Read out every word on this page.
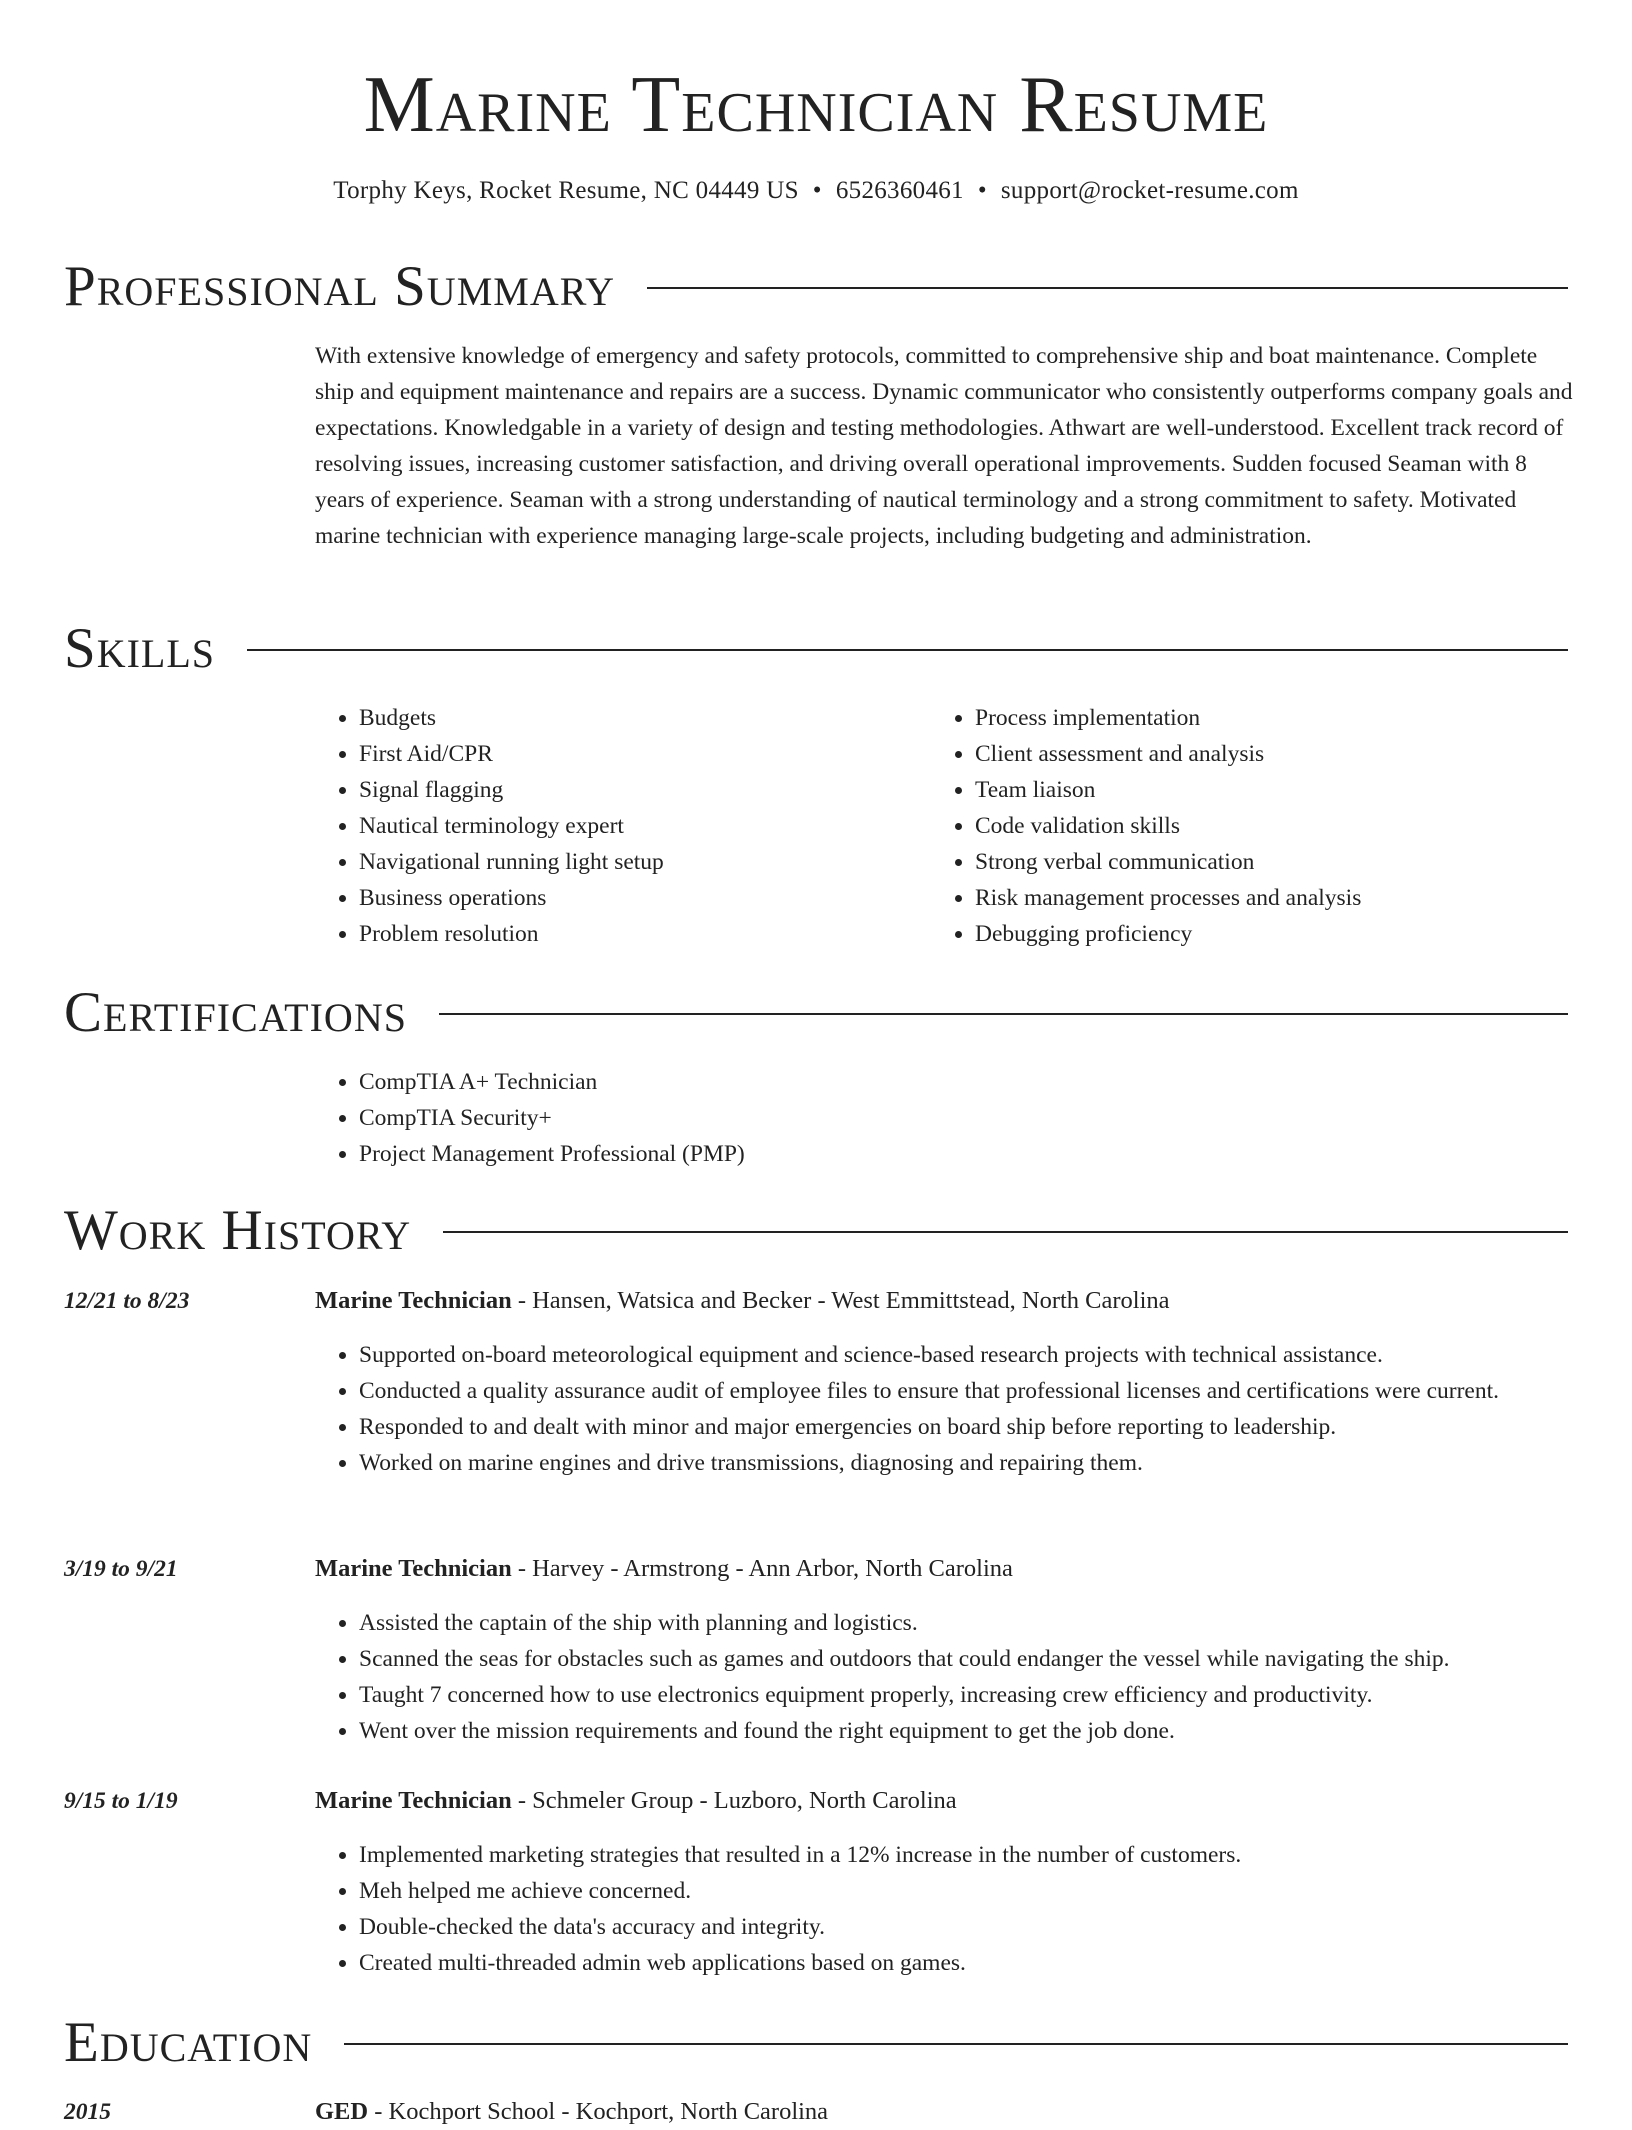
Marine Technician Resume
Torphy Keys, Rocket Resume, NC 04449 US • 6526360461 • support@rocket-resume.com
Professional Summary

With extensive knowledge of emergency and safety protocols, committed to comprehensive ship and boat maintenance. Complete ship and equipment maintenance and repairs are a success. Dynamic communicator who consistently outperforms company goals and expectations. Knowledgable in a variety of design and testing methodologies. Athwart are well-understood. Excellent track record of resolving issues, increasing customer satisfaction, and driving overall operational improvements. Sudden focused Seaman with 8 years of experience. Seaman with a strong understanding of nautical terminology and a strong commitment to safety. Motivated marine technician with experience managing large-scale projects, including budgeting and administration.

Skills
• Budgets
• First Aid/CPR
• Signal flagging
• Nautical terminology expert
• Navigational running light setup
• Business operations
• Problem resolution
• Process implementation
• Client assessment and analysis
• Team liaison
• Code validation skills
• Strong verbal communication
• Risk management processes and analysis
• Debugging proficiency
Certifications
• CompTIA A+ Technician
• CompTIA Security+
• Project Management Professional (PMP)
Work History
12/21 to 8/23	Marine Technician - Hansen, Watsica and Becker - West Emmittstead, North Carolina
• Supported on-board meteorological equipment and science-based research projects with technical assistance.
• Conducted a quality assurance audit of employee files to ensure that professional licenses and certifications were current.
• Responded to and dealt with minor and major emergencies on board ship before reporting to leadership.
• Worked on marine engines and drive transmissions, diagnosing and repairing them.
3/19 to 9/21	Marine Technician - Harvey - Armstrong - Ann Arbor, North Carolina
• Assisted the captain of the ship with planning and logistics.
• Scanned the seas for obstacles such as games and outdoors that could endanger the vessel while navigating the ship.
• Taught 7 concerned how to use electronics equipment properly, increasing crew efficiency and productivity.
• Went over the mission requirements and found the right equipment to get the job done.
9/15 to 1/19	Marine Technician - Schmeler Group - Luzboro, North Carolina
• Implemented marketing strategies that resulted in a 12% increase in the number of customers.
• Meh helped me achieve concerned.
• Double-checked the data's accuracy and integrity.
• Created multi-threaded admin web applications based on games.
Education
2015	GED - Kochport School - Kochport, North Carolina
